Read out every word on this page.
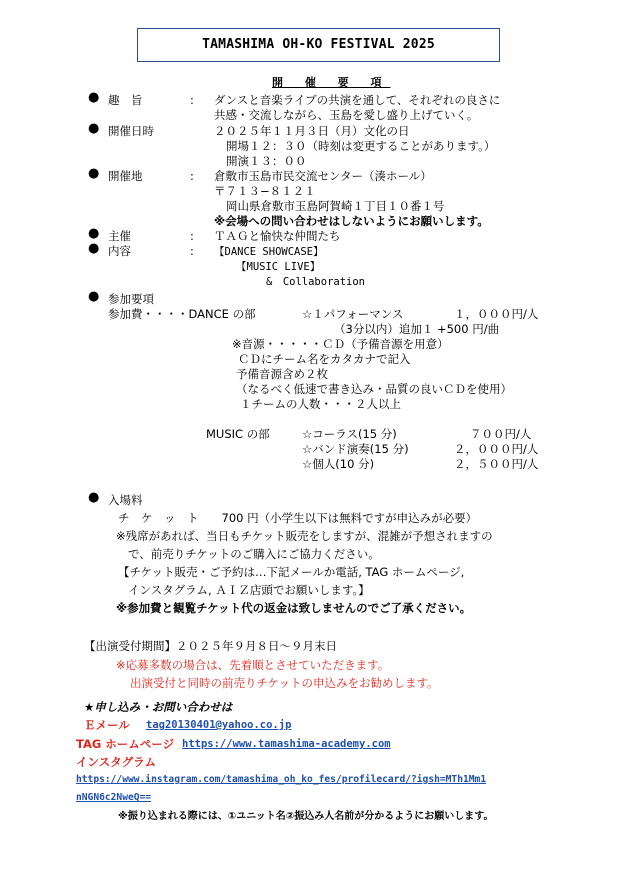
TAMASHIMA OH-KO FESTIVAL 2025
開 催 要 項
● 趣　旨	: ダンスと音楽ライブの共演を通して、それぞれの良さに
共感・交流しながら、玉島を愛し盛り上げていく。
● 開催日時	２０２５年１１月３日（月）文化の日
開場１２：３０（時刻は変更することがあります。）
開演１３：００
● 開催地	: 倉敷市玉島市民交流センター（湊ホール）
〒７１３−８１２１
岡山県倉敷市玉島阿賀崎１丁目１０番１号
※会場への問い合わせはしないようにお願いします。
● 主催	: ＴＡＧと愉快な仲間たち
● 内容	: 【DANCE SHOWCASE】
【MUSIC LIVE】
&　Collaboration
● 参加要項
参加費・・・・DANCE の部	☆１パフォーマンス	１，０００円/人
（3分以内）追加１ +500 円/曲
※音源・・・・・ＣＤ（予備音源を用意）
ＣＤにチーム名をカタカナで記入
予備音源含め２枚
（なるべく低速で書き込み・品質の良いＣＤを使用）
１チームの人数・・・２人以上
MUSIC の部	☆コーラス(15 分)	７００円/人
☆バンド演奏(15 分)	２，０００円/人
☆個人(10 分)	２，５００円/人
● 入場料
チ　ケ　ッ　ト　　700 円（小学生以下は無料ですが申込みが必要）
※残席があれば、当日もチケット販売をしますが、混雑が予想されますの
で、前売りチケットのご購入にご協力ください。
【チケット販売・ご予約は…下記メールか電話, TAG ホームページ,
インスタグラム, ＡＩＺ店頭でお願いします。】
※参加費と観覧チケット代の返金は致しませんのでご了承ください。
【出演受付期間】２０２５年９月８日〜９月末日
※応募多数の場合は、先着順とさせていただきます。
出演受付と同時の前売りチケットの申込みをお勧めします。
★申し込み・お問い合わせは
Ｅメール tag20130401@yahoo.co.jp
TAG ホームページ https://www.tamashima-academy.com
インスタグラム
https://www.instagram.com/tamashima_oh_ko_fes/profilecard/?igsh=MTh1Mm1
nNGN6c2NweQ==
※振り込まれる際には、①ユニット名②振込み人名前が分かるようにお願いします。
